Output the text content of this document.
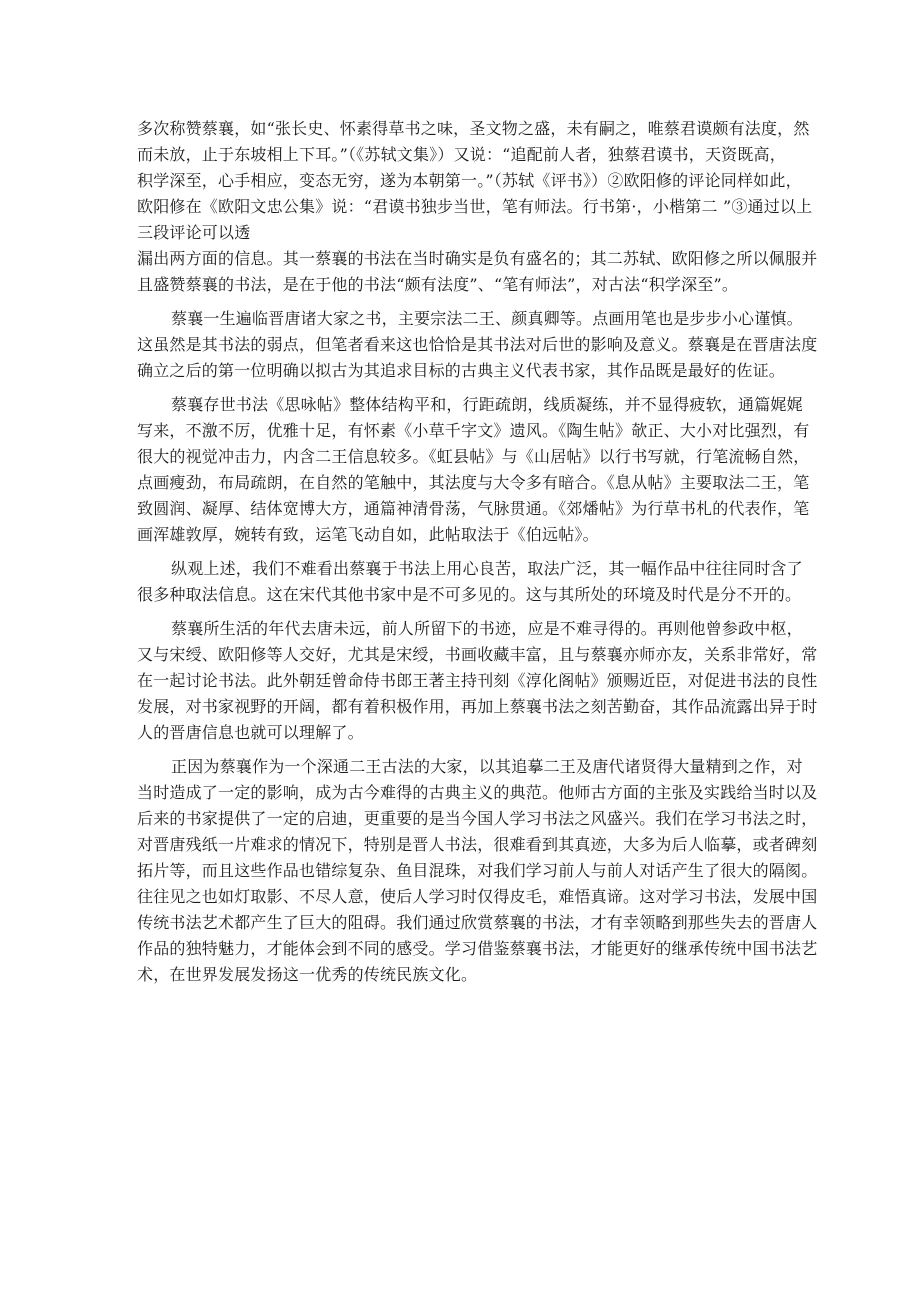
多次称赞蔡襄，如“张长史、怀素得草书之味，圣文物之盛，未有嗣之，唯蔡君谟颇有法度，然

而未放，止于东坡相上下耳。”（《苏轼文集》）又说：“追配前人者，独蔡君谟书，天资既高，

积学深至，心手相应，变态无穷，遂为本朝第一。”（苏轼《评书》）②欧阳修的评论同样如此，

欧阳修在《欧阳文忠公集》说：“君谟书独步当世，笔有师法。行书第·，小楷第二 ”③通过以上

三段评论可以透

漏出两方面的信息。其一蔡襄的书法在当时确实是负有盛名的；其二苏轼、欧阳修之所以佩服并

且盛赞蔡襄的书法，是在于他的书法“颇有法度”、“笔有师法”，对古法“积学深至”。

蔡襄一生遍临晋唐诸大家之书，主要宗法二王、颜真卿等。点画用笔也是步步小心谨慎。

这虽然是其书法的弱点，但笔者看来这也恰恰是其书法对后世的影响及意义。蔡襄是在晋唐法度

确立之后的第一位明确以拟古为其追求目标的古典主义代表书家，其作品既是最好的佐证。

蔡襄存世书法《思咏帖》整体结构平和，行距疏朗，线质凝练，并不显得疲软，通篇娓娓

写来，不激不厉，优雅十足，有怀素《小草千字文》遗风。《陶生帖》欹正、大小对比强烈，有

很大的视觉冲击力，内含二王信息较多。《虹县帖》与《山居帖》以行书写就，行笔流畅自然，

点画瘦劲，布局疏朗，在自然的笔触中，其法度与大令多有暗合。《息从帖》主要取法二王，笔

致圆润、凝厚、结体宽博大方，通篇神清骨荡，气脉贯通。《郊燔帖》为行草书札的代表作，笔

画浑雄敦厚，婉转有致，运笔飞动自如，此帖取法于《伯远帖》。

纵观上述，我们不难看出蔡襄于书法上用心良苦，取法广泛，其一幅作品中往往同时含了

很多种取法信息。这在宋代其他书家中是不可多见的。这与其所处的环境及时代是分不开的。

蔡襄所生活的年代去唐未远，前人所留下的书迹，应是不难寻得的。再则他曾参政中枢，

又与宋绶、欧阳修等人交好，尤其是宋绶，书画收藏丰富，且与蔡襄亦师亦友，关系非常好，常

在一起讨论书法。此外朝廷曾命侍书郎王著主持刊刻《淳化阁帖》颁赐近臣，对促进书法的良性

发展，对书家视野的开阔，都有着积极作用，再加上蔡襄书法之刻苦勤奋，其作品流露出异于时

人的晋唐信息也就可以理解了。

正因为蔡襄作为一个深通二王古法的大家，以其追摹二王及唐代诸贤得大量精到之作，对

当时造成了一定的影响，成为古今难得的古典主义的典范。他师古方面的主张及实践给当时以及

后来的书家提供了一定的启迪，更重要的是当今国人学习书法之风盛兴。我们在学习书法之时，

对晋唐残纸一片难求的情况下，特别是晋人书法，很难看到其真迹，大多为后人临摹，或者碑刻

拓片等，而且这些作品也错综复杂、鱼目混珠，对我们学习前人与前人对话产生了很大的隔阂。

往往见之也如灯取影、不尽人意，使后人学习时仅得皮毛，难悟真谛。这对学习书法，发展中国

传统书法艺术都产生了巨大的阻碍。我们通过欣赏蔡襄的书法，才有幸领略到那些失去的晋唐人

作品的独特魅力，才能体会到不同的感受。学习借鉴蔡襄书法，才能更好的继承传统中国书法艺

术，在世界发展发扬这一优秀的传统民族文化。
